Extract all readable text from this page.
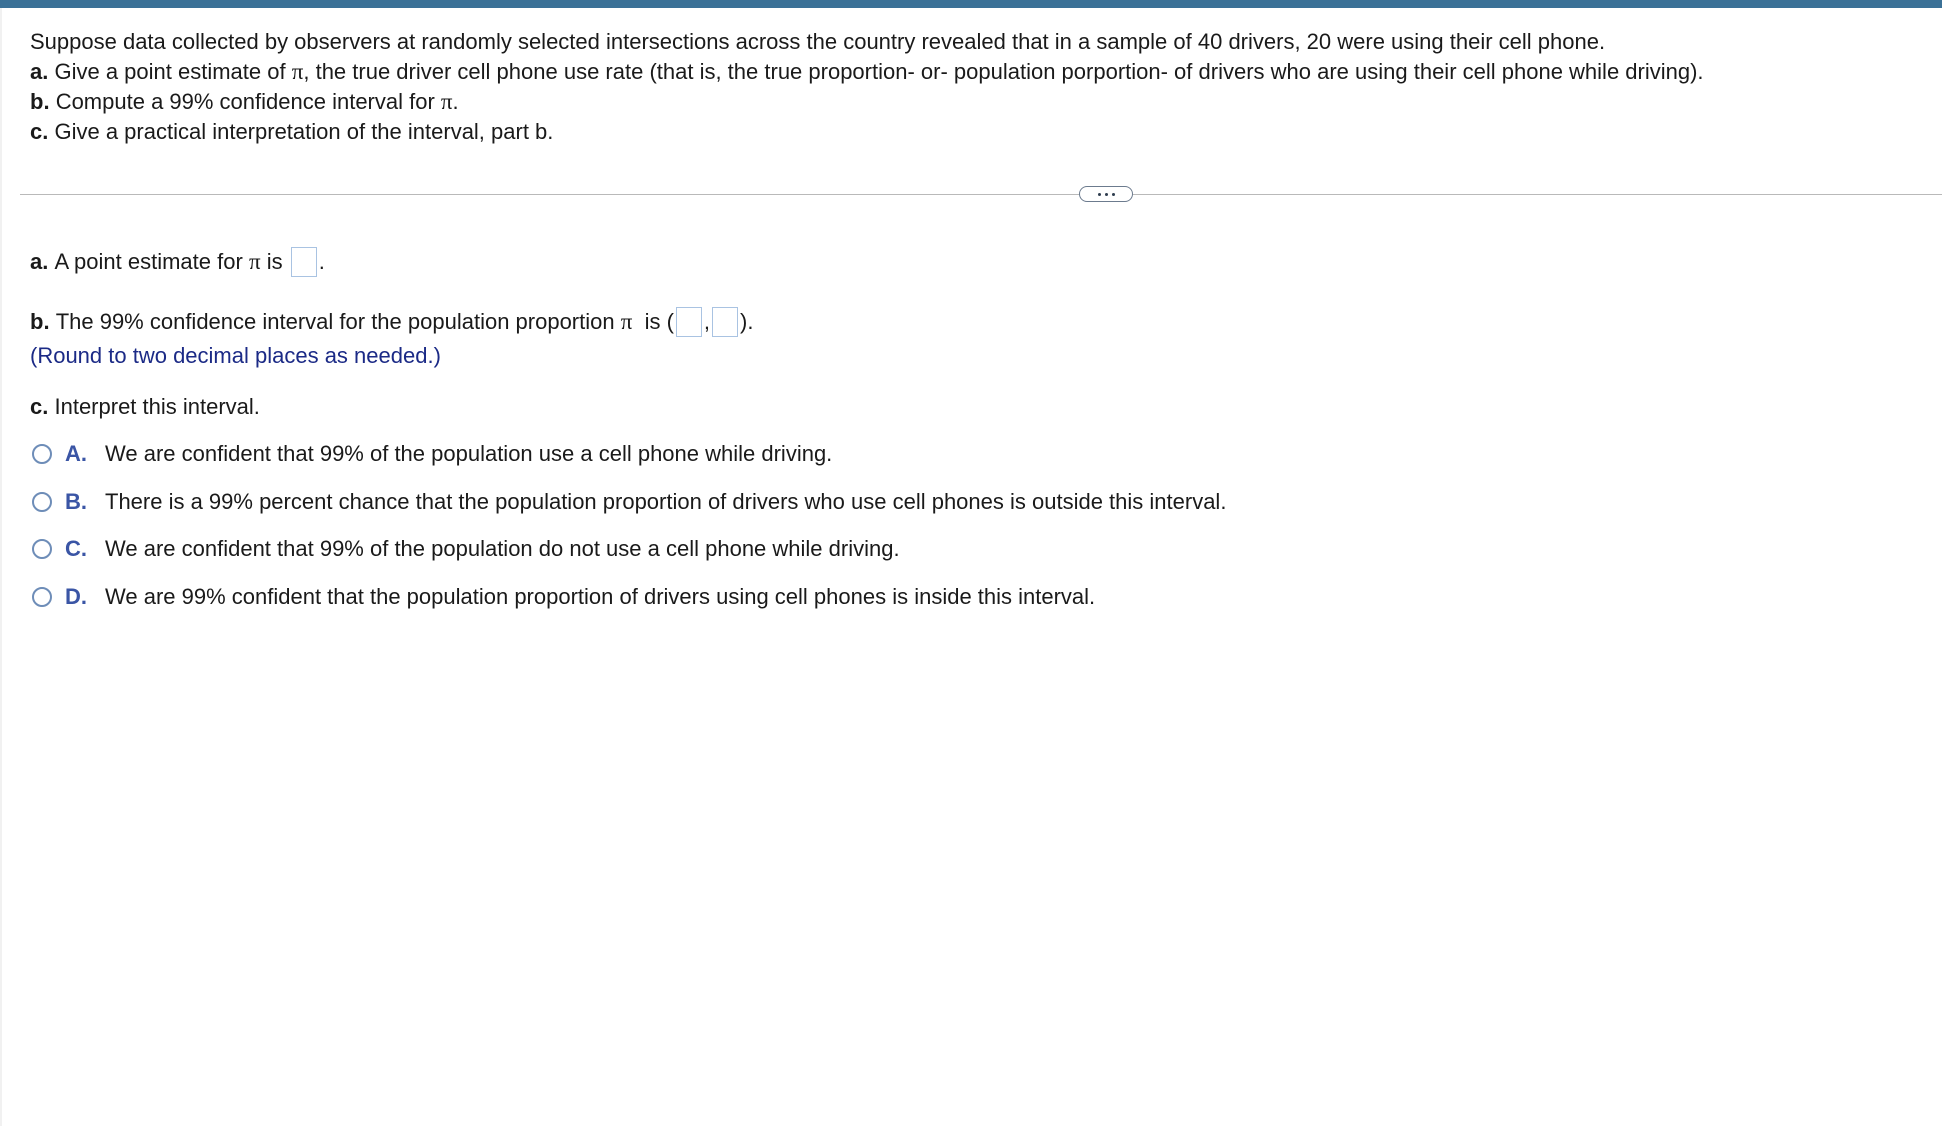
Suppose data collected by observers at randomly selected intersections across the country revealed that in a sample of 40 drivers, 20 were using their cell phone.

a. Give a point estimate of π, the true driver cell phone use rate (that is, the true proportion- or- population porportion- of drivers who are using their cell phone while driving).

b. Compute a 99% confidence interval for π.

c. Give a practical interpretation of the interval, part b.

a.
A point estimate for
π
is
.
b.
The 99% confidence interval for the population proportion
π
is ( , ).
(Round to two decimal places as needed.)
c.
Interpret this interval.
A. We are confident that 99% of the population use a cell phone while driving.
B. There is a 99% percent chance that the population proportion of drivers who use cell phones is outside this interval.
C. We are confident that 99% of the population do not use a cell phone while driving.
D. We are 99% confident that the population proportion of drivers using cell phones is inside this interval.
